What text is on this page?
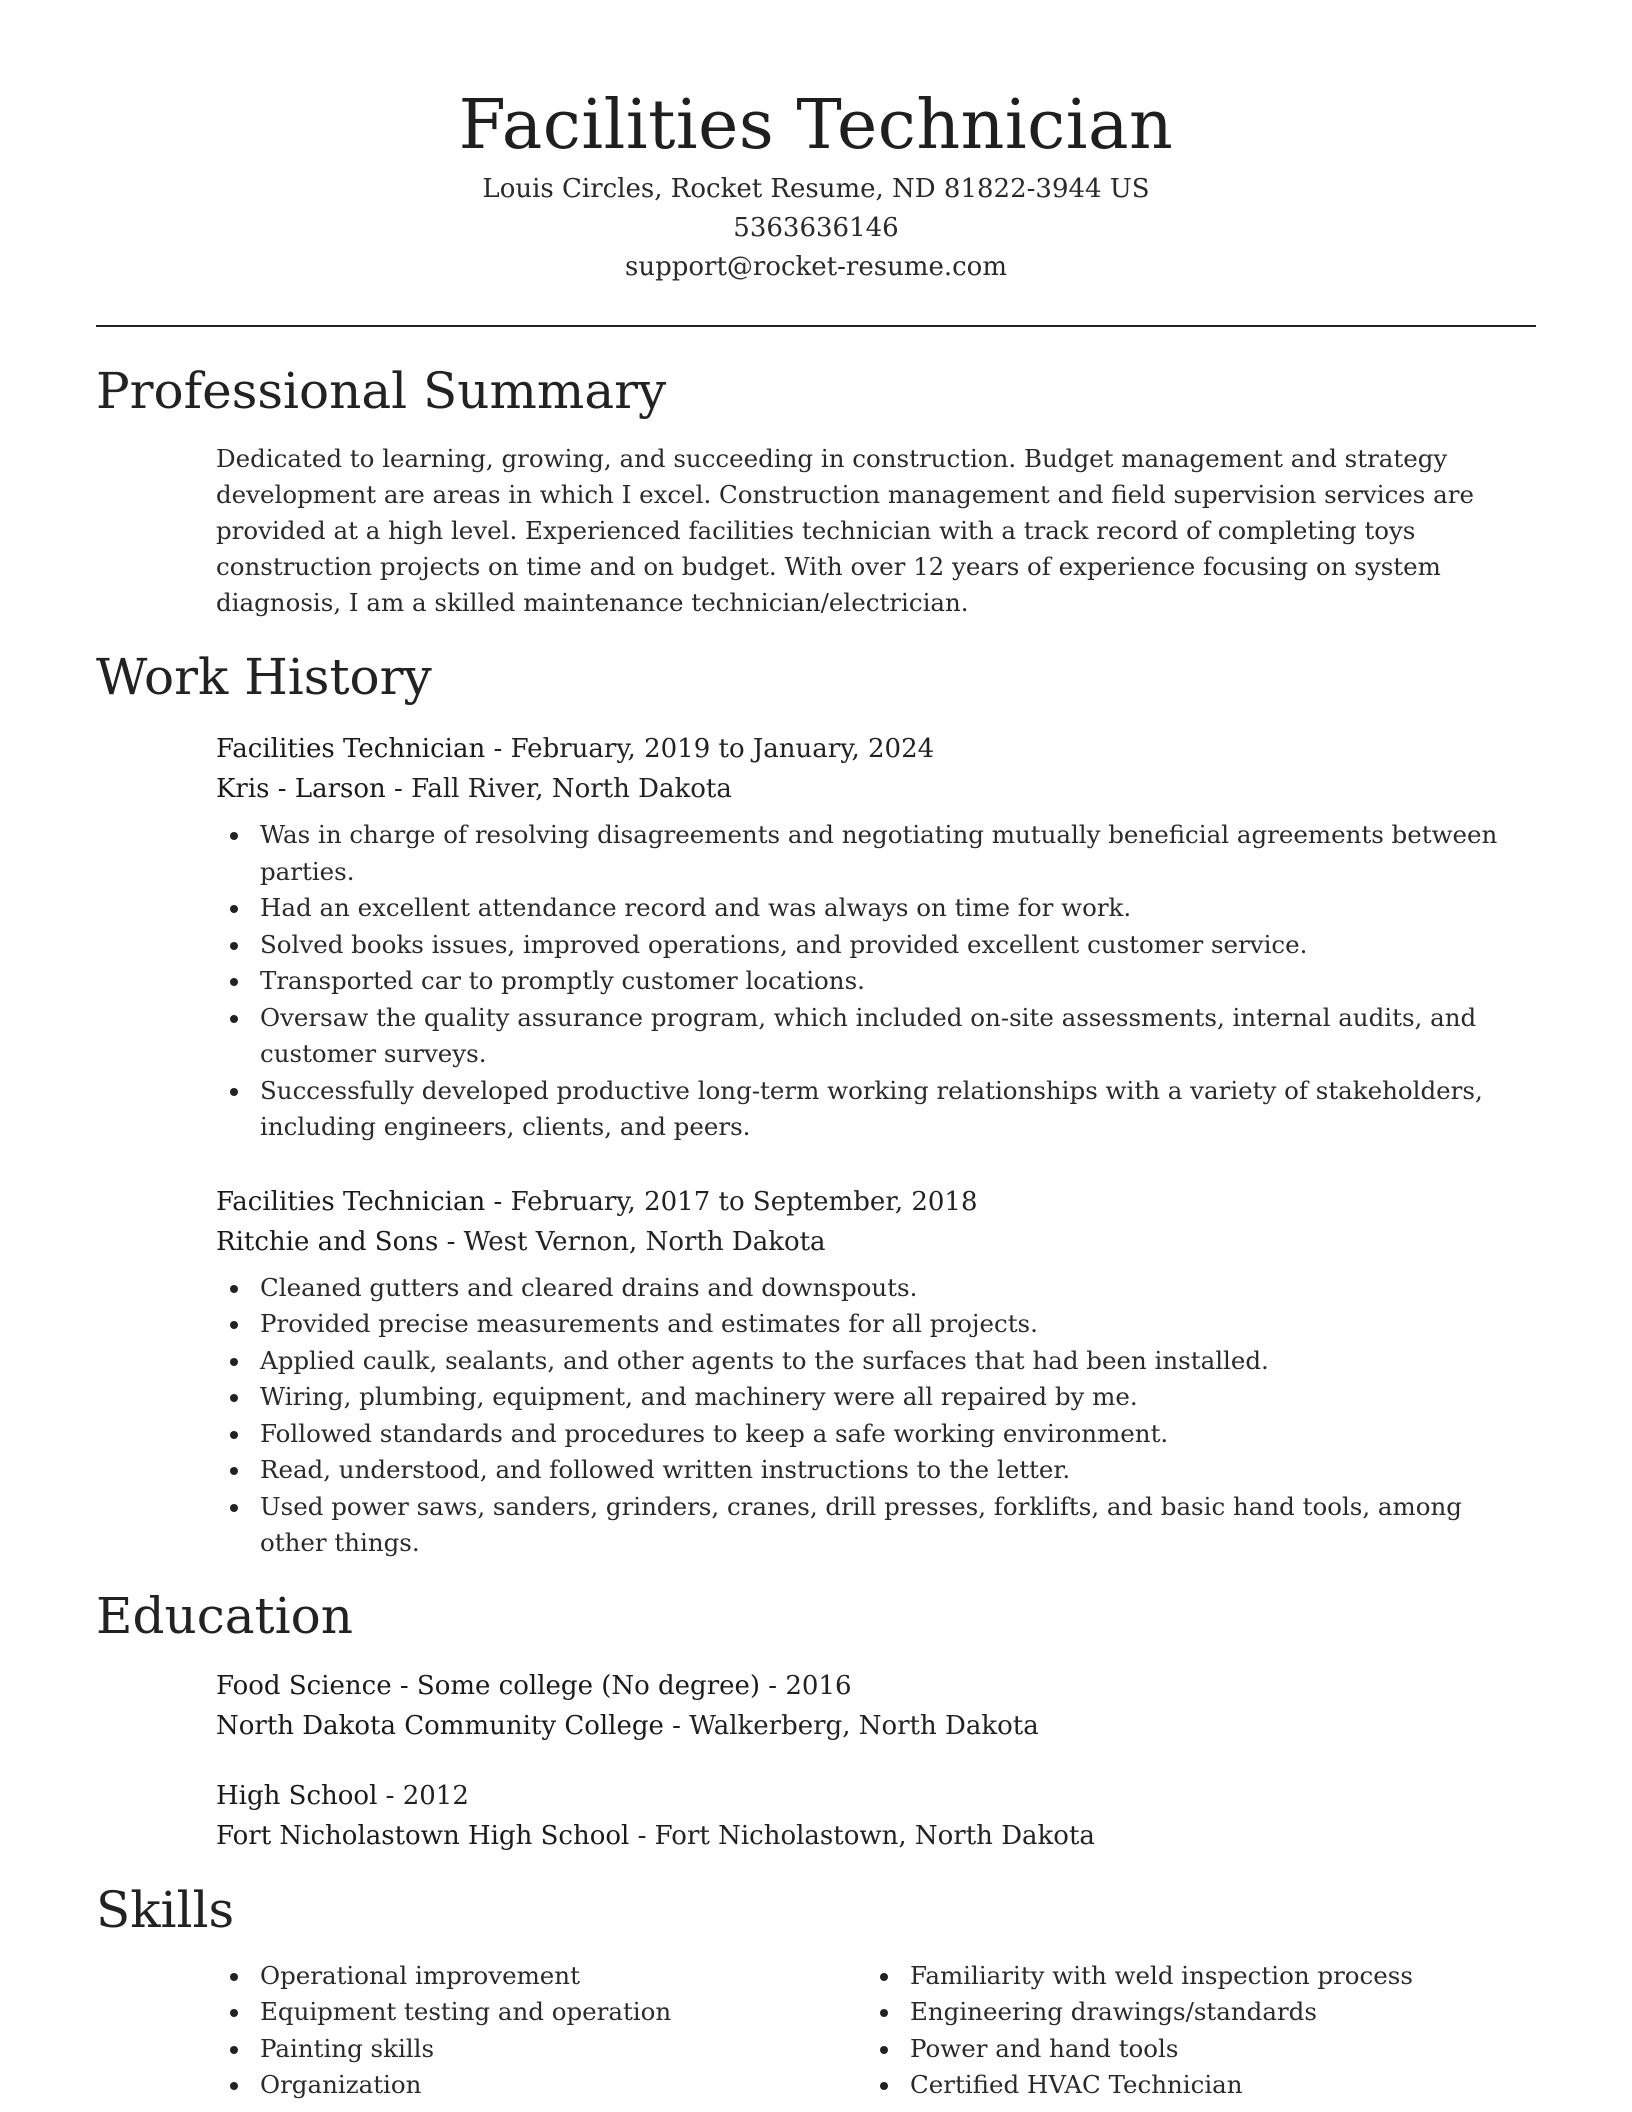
Facilities Technician
Louis Circles, Rocket Resume, ND 81822-3944 US
5363636146
support@rocket-resume.com
Professional Summary
Dedicated to learning, growing, and succeeding in construction. Budget management and strategy development are areas in which I excel. Construction management and field supervision services are provided at a high level. Experienced facilities technician with a track record of completing toys construction projects on time and on budget. With over 12 years of experience focusing on system diagnosis, I am a skilled maintenance technician/electrician.
Work History
Facilities Technician - February, 2019 to January, 2024
Kris - Larson - Fall River, North Dakota
Was in charge of resolving disagreements and negotiating mutually beneficial agreements between parties.
Had an excellent attendance record and was always on time for work.
Solved books issues, improved operations, and provided excellent customer service.
Transported car to promptly customer locations.
Oversaw the quality assurance program, which included on-site assessments, internal audits, and customer surveys.
Successfully developed productive long-term working relationships with a variety of stakeholders, including engineers, clients, and peers.
Facilities Technician - February, 2017 to September, 2018
Ritchie and Sons - West Vernon, North Dakota
Cleaned gutters and cleared drains and downspouts.
Provided precise measurements and estimates for all projects.
Applied caulk, sealants, and other agents to the surfaces that had been installed.
Wiring, plumbing, equipment, and machinery were all repaired by me.
Followed standards and procedures to keep a safe working environment.
Read, understood, and followed written instructions to the letter.
Used power saws, sanders, grinders, cranes, drill presses, forklifts, and basic hand tools, among other things.
Education
Food Science - Some college (No degree) - 2016
North Dakota Community College - Walkerberg, North Dakota
High School - 2012
Fort Nicholastown High School - Fort Nicholastown, North Dakota
Skills
Operational improvement
Equipment testing and operation
Painting skills
Organization
Familiarity with weld inspection process
Engineering drawings/standards
Power and hand tools
Certified HVAC Technician
